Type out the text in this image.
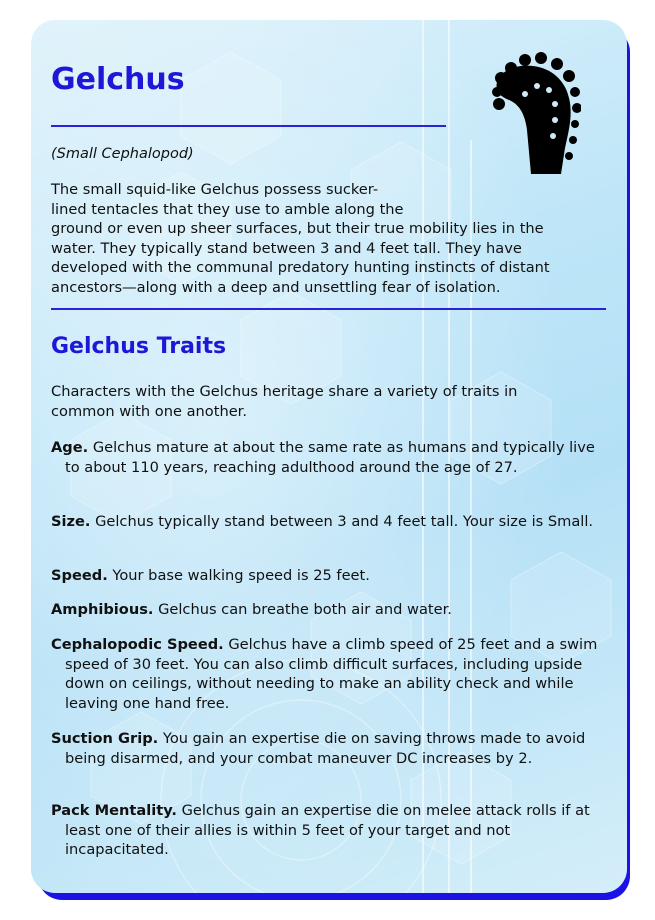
Gelchus

(Small Cephalopod)

The small squid-like Gelchus possess sucker-
lined tentacles that they use to amble along the
ground or even up sheer surfaces, but their true mobility lies in the
water. They typically stand between 3 and 4 feet tall. They have
developed with the communal predatory hunting instincts of distant
ancestors—along with a deep and unsettling fear of isolation.

Gelchus Traits

Characters with the Gelchus heritage share a variety of traits in common with one another.

Age. Gelchus mature at about the same rate as humans and typically live to about 110 years, reaching adulthood around the age of 27.

Size. Gelchus typically stand between 3 and 4 feet tall. Your size is Small.

Speed. Your base walking speed is 25 feet.

Amphibious. Gelchus can breathe both air and water.

Cephalopodic Speed. Gelchus have a climb speed of 25 feet and a swim speed of 30 feet. You can also climb difficult surfaces, including upside down on ceilings, without needing to make an ability check and while leaving one hand free.

Suction Grip. You gain an expertise die on saving throws made to avoid being disarmed, and your combat maneuver DC increases by 2.

Pack Mentality. Gelchus gain an expertise die on melee attack rolls if at least one of their allies is within 5 feet of your target and not incapacitated.
